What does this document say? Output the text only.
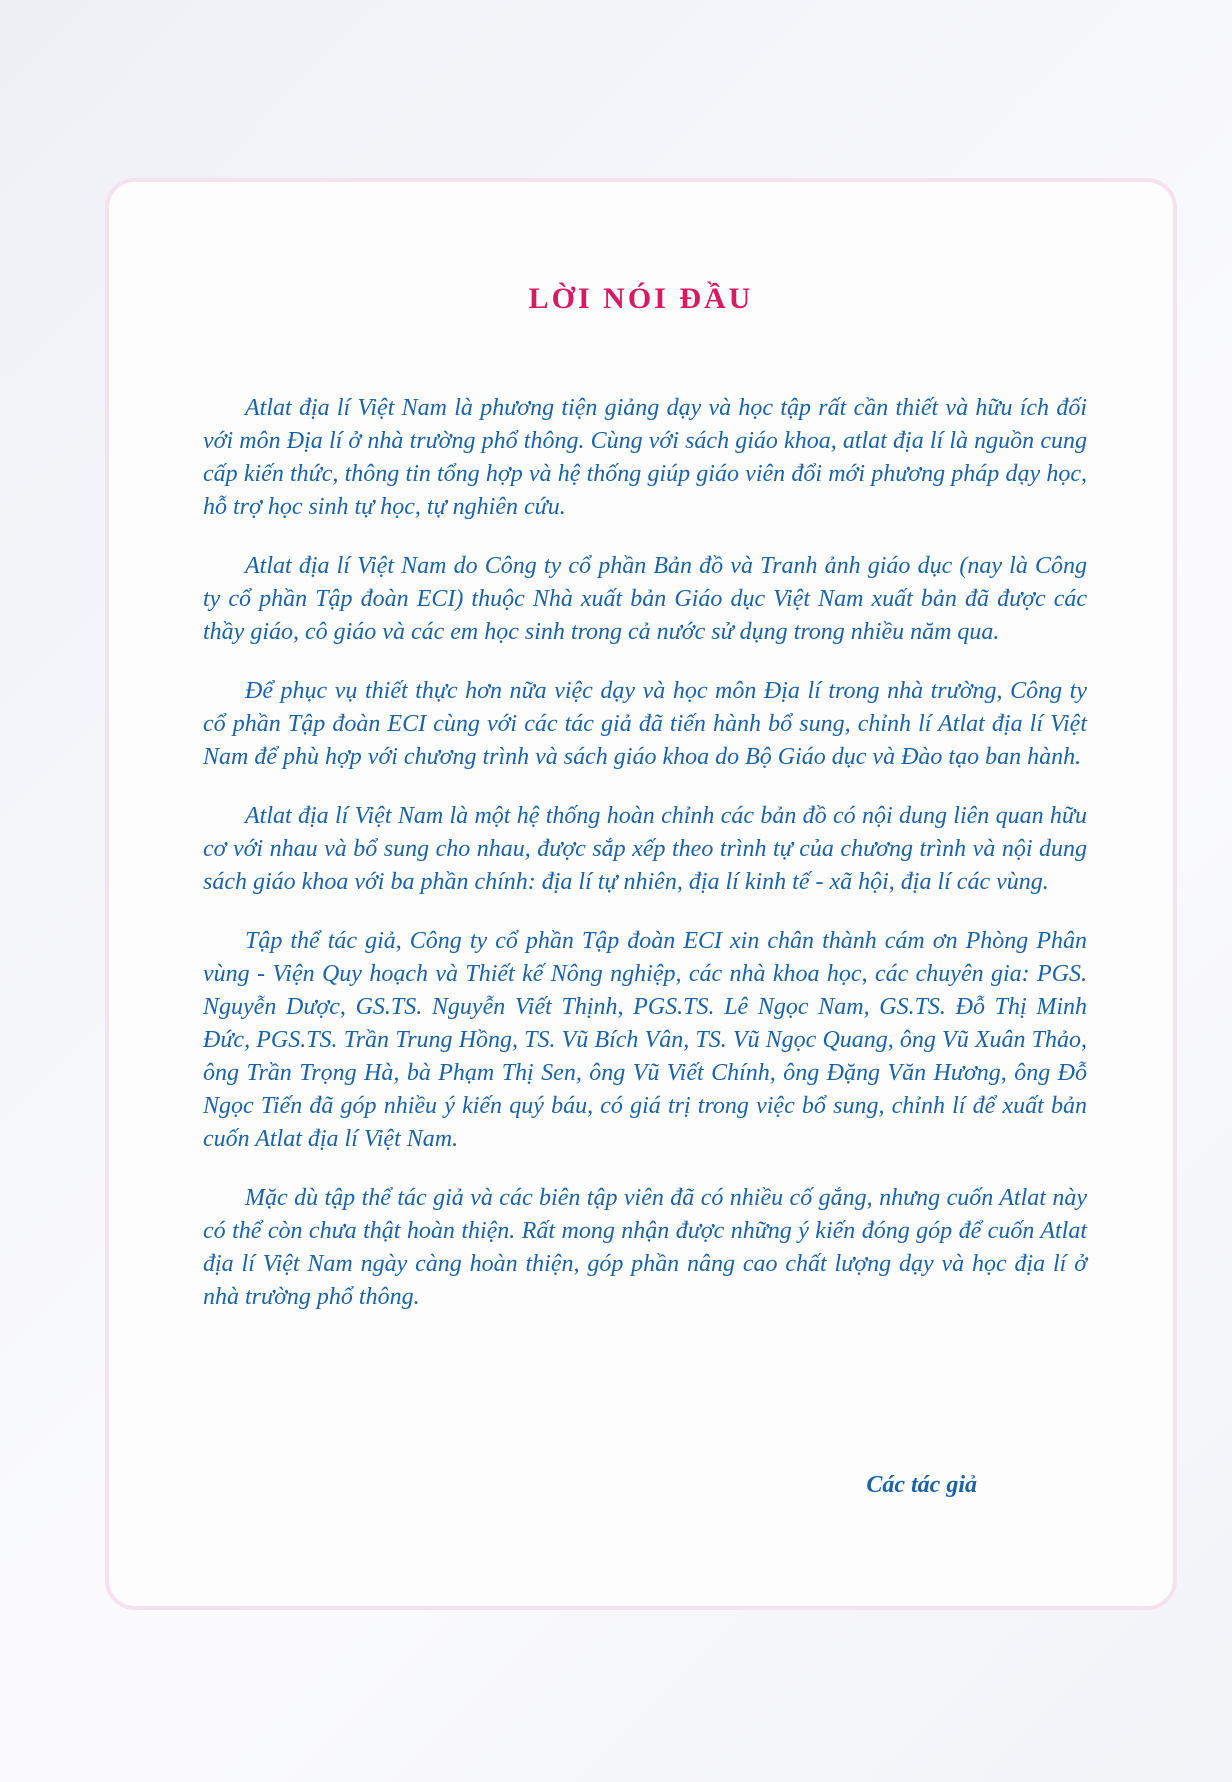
LỜI NÓI ĐẦU

Atlat địa lí Việt Nam là phương tiện giảng dạy và học tập rất cần thiết và hữu ích đối với môn Địa lí ở nhà trường phổ thông. Cùng với sách giáo khoa, atlat địa lí là nguồn cung cấp kiến thức, thông tin tổng hợp và hệ thống giúp giáo viên đổi mới phương pháp dạy học, hỗ trợ học sinh tự học, tự nghiên cứu.

Atlat địa lí Việt Nam do Công ty cổ phần Bản đồ và Tranh ảnh giáo dục (nay là Công ty cổ phần Tập đoàn ECI) thuộc Nhà xuất bản Giáo dục Việt Nam xuất bản đã được các thầy giáo, cô giáo và các em học sinh trong cả nước sử dụng trong nhiều năm qua.

Để phục vụ thiết thực hơn nữa việc dạy và học môn Địa lí trong nhà trường, Công ty cổ phần Tập đoàn ECI cùng với các tác giả đã tiến hành bổ sung, chỉnh lí Atlat địa lí Việt Nam để phù hợp với chương trình và sách giáo khoa do Bộ Giáo dục và Đào tạo ban hành.

Atlat địa lí Việt Nam là một hệ thống hoàn chỉnh các bản đồ có nội dung liên quan hữu cơ với nhau và bổ sung cho nhau, được sắp xếp theo trình tự của chương trình và nội dung sách giáo khoa với ba phần chính: địa lí tự nhiên, địa lí kinh tế - xã hội, địa lí các vùng.

Tập thể tác giả, Công ty cổ phần Tập đoàn ECI xin chân thành cám ơn Phòng Phân vùng - Viện Quy hoạch và Thiết kế Nông nghiệp, các nhà khoa học, các chuyên gia: PGS. Nguyễn Dược, GS.TS. Nguyễn Viết Thịnh, PGS.TS. Lê Ngọc Nam, GS.TS. Đỗ Thị Minh Đức, PGS.TS. Trần Trung Hồng, TS. Vũ Bích Vân, TS. Vũ Ngọc Quang, ông Vũ Xuân Thảo, ông Trần Trọng Hà, bà Phạm Thị Sen, ông Vũ Viết Chính, ông Đặng Văn Hương, ông Đỗ Ngọc Tiến đã góp nhiều ý kiến quý báu, có giá trị trong việc bổ sung, chỉnh lí để xuất bản cuốn Atlat địa lí Việt Nam.

Mặc dù tập thể tác giả và các biên tập viên đã có nhiều cố gắng, nhưng cuốn Atlat này có thể còn chưa thật hoàn thiện. Rất mong nhận được những ý kiến đóng góp để cuốn Atlat địa lí Việt Nam ngày càng hoàn thiện, góp phần nâng cao chất lượng dạy và học địa lí ở nhà trường phổ thông.

Các tác giả
